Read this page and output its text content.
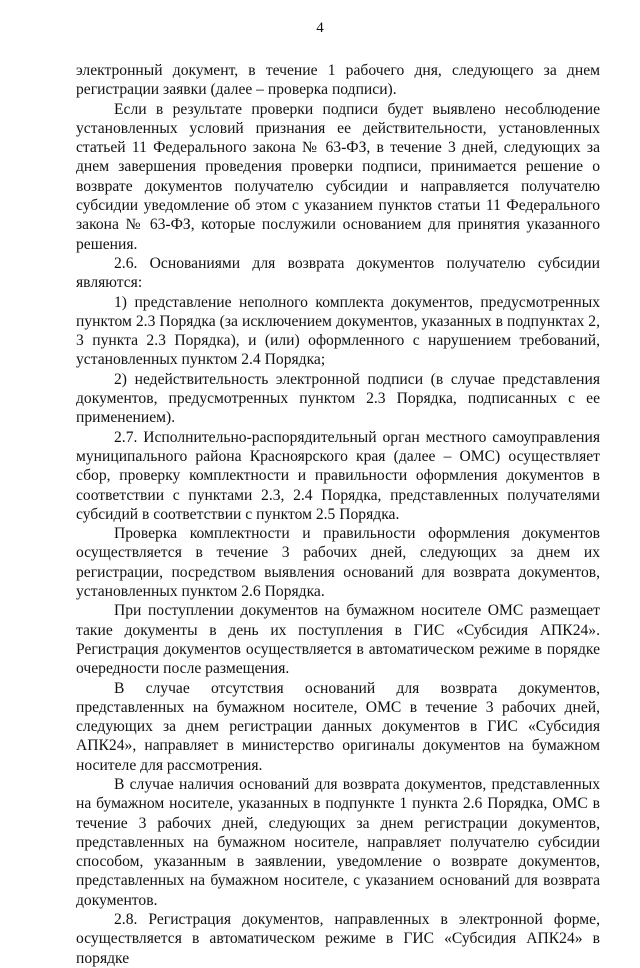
4

электронный документ, в течение 1 рабочего дня, следующего за днем регистрации заявки (далее – проверка подписи).

Если в результате проверки подписи будет выявлено несоблюдение установленных условий признания ее действительности, установленных статьей 11 Федерального закона № 63-ФЗ, в течение 3 дней, следующих за днем завершения проведения проверки подписи, принимается решение о возврате документов получателю субсидии и направляется получателю субсидии уведомление об этом с указанием пунктов статьи 11 Федерального закона № 63-ФЗ, которые послужили основанием для принятия указанного решения.

2.6. Основаниями для возврата документов получателю субсидии являются:

1) представление неполного комплекта документов, предусмотренных пунктом 2.3 Порядка (за исключением документов, указанных в подпунктах 2, 3 пункта 2.3 Порядка), и (или) оформленного с нарушением требований, установленных пунктом 2.4 Порядка;

2) недействительность электронной подписи (в случае представления документов, предусмотренных пунктом 2.3 Порядка, подписанных с ее применением).

2.7. Исполнительно-распорядительный орган местного самоуправления муниципального района Красноярского края (далее – ОМС) осуществляет сбор, проверку комплектности и правильности оформления документов в соответствии с пунктами 2.3, 2.4 Порядка, представленных получателями субсидий в соответствии с пунктом 2.5 Порядка.

Проверка комплектности и правильности оформления документов осуществляется в течение 3 рабочих дней, следующих за днем их регистрации, посредством выявления оснований для возврата документов, установленных пунктом 2.6 Порядка.

При поступлении документов на бумажном носителе ОМС размещает такие документы в день их поступления в ГИС «Субсидия АПК24». Регистрация документов осуществляется в автоматическом режиме в порядке очередности после размещения.

В случае отсутствия оснований для возврата документов, представленных на бумажном носителе, ОМС в течение 3 рабочих дней, следующих за днем регистрации данных документов в ГИС «Субсидия АПК24», направляет в министерство оригиналы документов на бумажном носителе для рассмотрения.

В случае наличия оснований для возврата документов, представленных на бумажном носителе, указанных в подпункте 1 пункта 2.6 Порядка, ОМС в течение 3 рабочих дней, следующих за днем регистрации документов, представленных на бумажном носителе, направляет получателю субсидии способом, указанным в заявлении, уведомление о возврате документов, представленных на бумажном носителе, с указанием оснований для возврата документов.

2.8. Регистрация документов, направленных в электронной форме, осуществляется в автоматическом режиме в ГИС «Субсидия АПК24» в порядке
